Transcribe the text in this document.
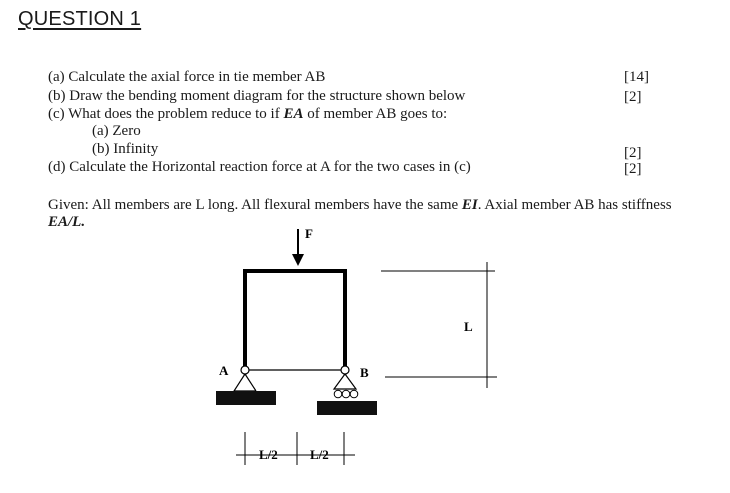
QUESTION 1
(a) Calculate the axial force in tie member AB	[14]
(b) Draw the bending moment diagram for the structure shown below	[2]
(c) What does the problem reduce to if EA of member AB goes to:
(a) Zero
(b) Infinity	[2]
(d) Calculate the Horizontal reaction force at A for the two cases in (c)	[2]
Given: All members are L long. All flexural members have the same EI. Axial member AB has stiffness
EA/L.
F
A	B
L
L/2 L/2
